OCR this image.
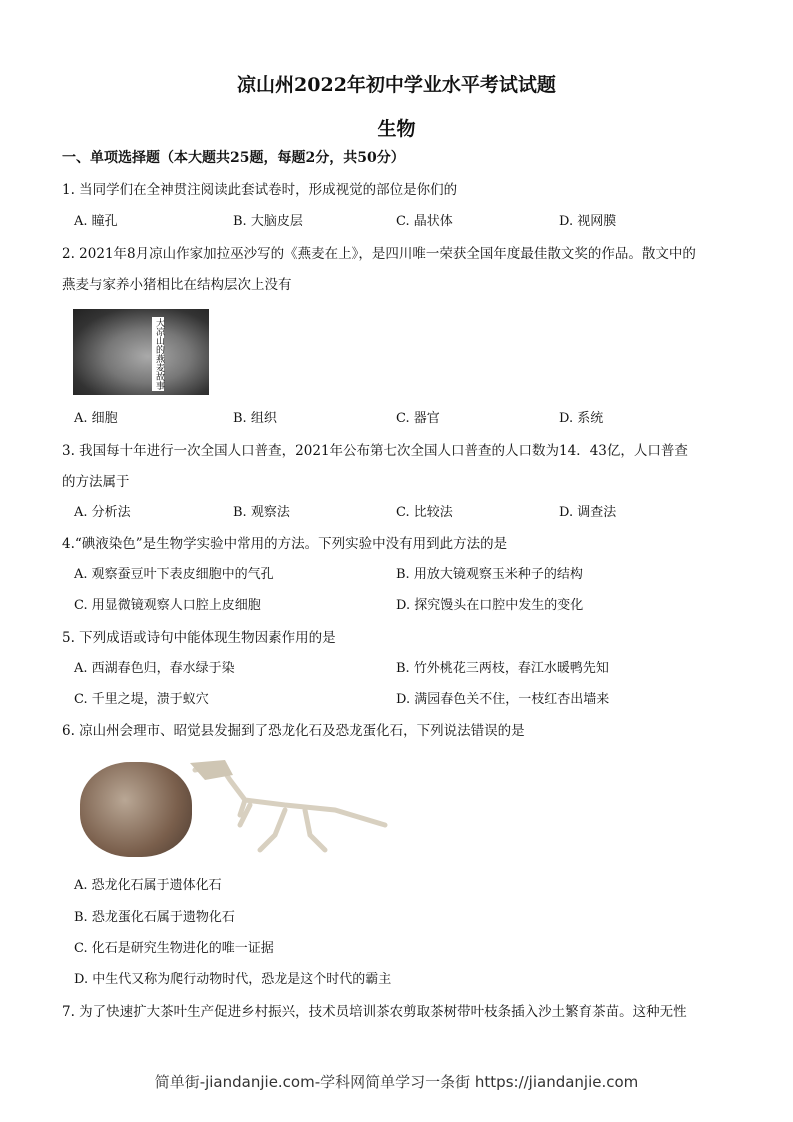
凉山州2022年初中学业水平考试试题
生物
一、单项选择题（本大题共25题，每题2分，共50分）
1. 当同学们在全神贯注阅读此套试卷时，形成视觉的部位是你们的
A. 瞳孔	B. 大脑皮层	C. 晶状体	D. 视网膜
2. 2021年8月凉山作家加拉巫沙写的《燕麦在上》，是四川唯一荣获全国年度最佳散文奖的作品。散文中的
燕麦与家养小猪相比在结构层次上没有
大凉山的燕麦故事
A. 细胞	B. 组织	C. 器官	D. 系统
3. 我国每十年进行一次全国人口普查，2021年公布第七次全国人口普查的人口数为14．43亿，人口普查
的方法属于
A. 分析法	B. 观察法	C. 比较法	D. 调查法
4.“碘液染色”是生物学实验中常用的方法。下列实验中没有用到此方法的是
A. 观察蚕豆叶下表皮细胞中的气孔	B. 用放大镜观察玉米种子的结构
C. 用显微镜观察人口腔上皮细胞	D. 探究馒头在口腔中发生的变化
5. 下列成语或诗句中能体现生物因素作用的是
A. 西湖春色归，春水绿于染	B. 竹外桃花三两枝，春江水暖鸭先知
C. 千里之堤，溃于蚁穴	D. 满园春色关不住，一枝红杏出墙来
6. 凉山州会理市、昭觉县发掘到了恐龙化石及恐龙蛋化石，下列说法错误的是
A. 恐龙化石属于遗体化石
B. 恐龙蛋化石属于遗物化石
C. 化石是研究生物进化的唯一证据
D. 中生代又称为爬行动物时代，恐龙是这个时代的霸主
7. 为了快速扩大茶叶生产促进乡村振兴，技术员培训茶农剪取茶树带叶枝条插入沙土繁育茶苗。这种无性
简单街-jiandanjie.com-学科网简单学习一条街 https://jiandanjie.com
